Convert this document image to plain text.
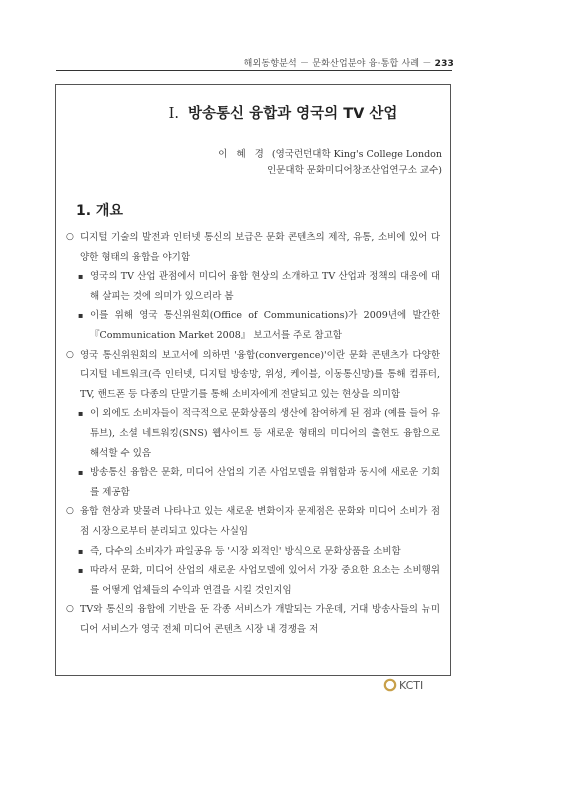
해외동향분석 － 문화산업분야 융·통합 사례 － 233
Ⅰ. 방송통신 융합과 영국의 TV 산업
이 혜 경 (영국런던대학 King's College London
인문대학 문화미디어창조산업연구소 교수)
1. 개요
○ 디지털 기술의 발전과 인터넷 통신의 보급은 문화 콘텐츠의 제작, 유통, 소비에 있어 다양한 형태의 융합을 야기함
▪ 영국의 TV 산업 관점에서 미디어 융합 현상의 소개하고 TV 산업과 정책의 대응에 대해 살피는 것에 의미가 있으리라 봄
▪ 이를 위해 영국 통신위원회(Office of Communications)가 2009년에 발간한 『Communication Market 2008』 보고서를 주로 참고함
○ 영국 통신위원회의 보고서에 의하면 '융합(convergence)'이란 문화 콘텐츠가 다양한 디지털 네트워크(즉 인터넷, 디지털 방송망, 위성, 케이블, 이동통신망)를 통해 컴퓨터, TV, 핸드폰 등 다종의 단말기를 통해 소비자에게 전달되고 있는 현상을 의미함
▪ 이 외에도 소비자들이 적극적으로 문화상품의 생산에 참여하게 된 점과 (예를 들어 유튜브), 소셜 네트워킹(SNS) 웹사이트 등 새로운 형태의 미디어의 출현도 융합으로 해석할 수 있음
▪ 방송통신 융합은 문화, 미디어 산업의 기존 사업모델을 위협함과 동시에 새로운 기회를 제공함
○ 융합 현상과 맞물려 나타나고 있는 새로운 변화이자 문제점은 문화와 미디어 소비가 점점 시장으로부터 분리되고 있다는 사실임
▪ 즉, 다수의 소비자가 파일공유 등 '시장 외적인' 방식으로 문화상품을 소비함
▪ 따라서 문화, 미디어 산업의 새로운 사업모델에 있어서 가장 중요한 요소는 소비행위를 어떻게 업체들의 수익과 연결을 시킬 것인지임
○ TV와 통신의 융합에 기반을 둔 각종 서비스가 개발되는 가운데, 거대 방송사들의 뉴미디어 서비스가 영국 전체 미디어 콘텐츠 시장 내 경쟁을 저
KCTI
